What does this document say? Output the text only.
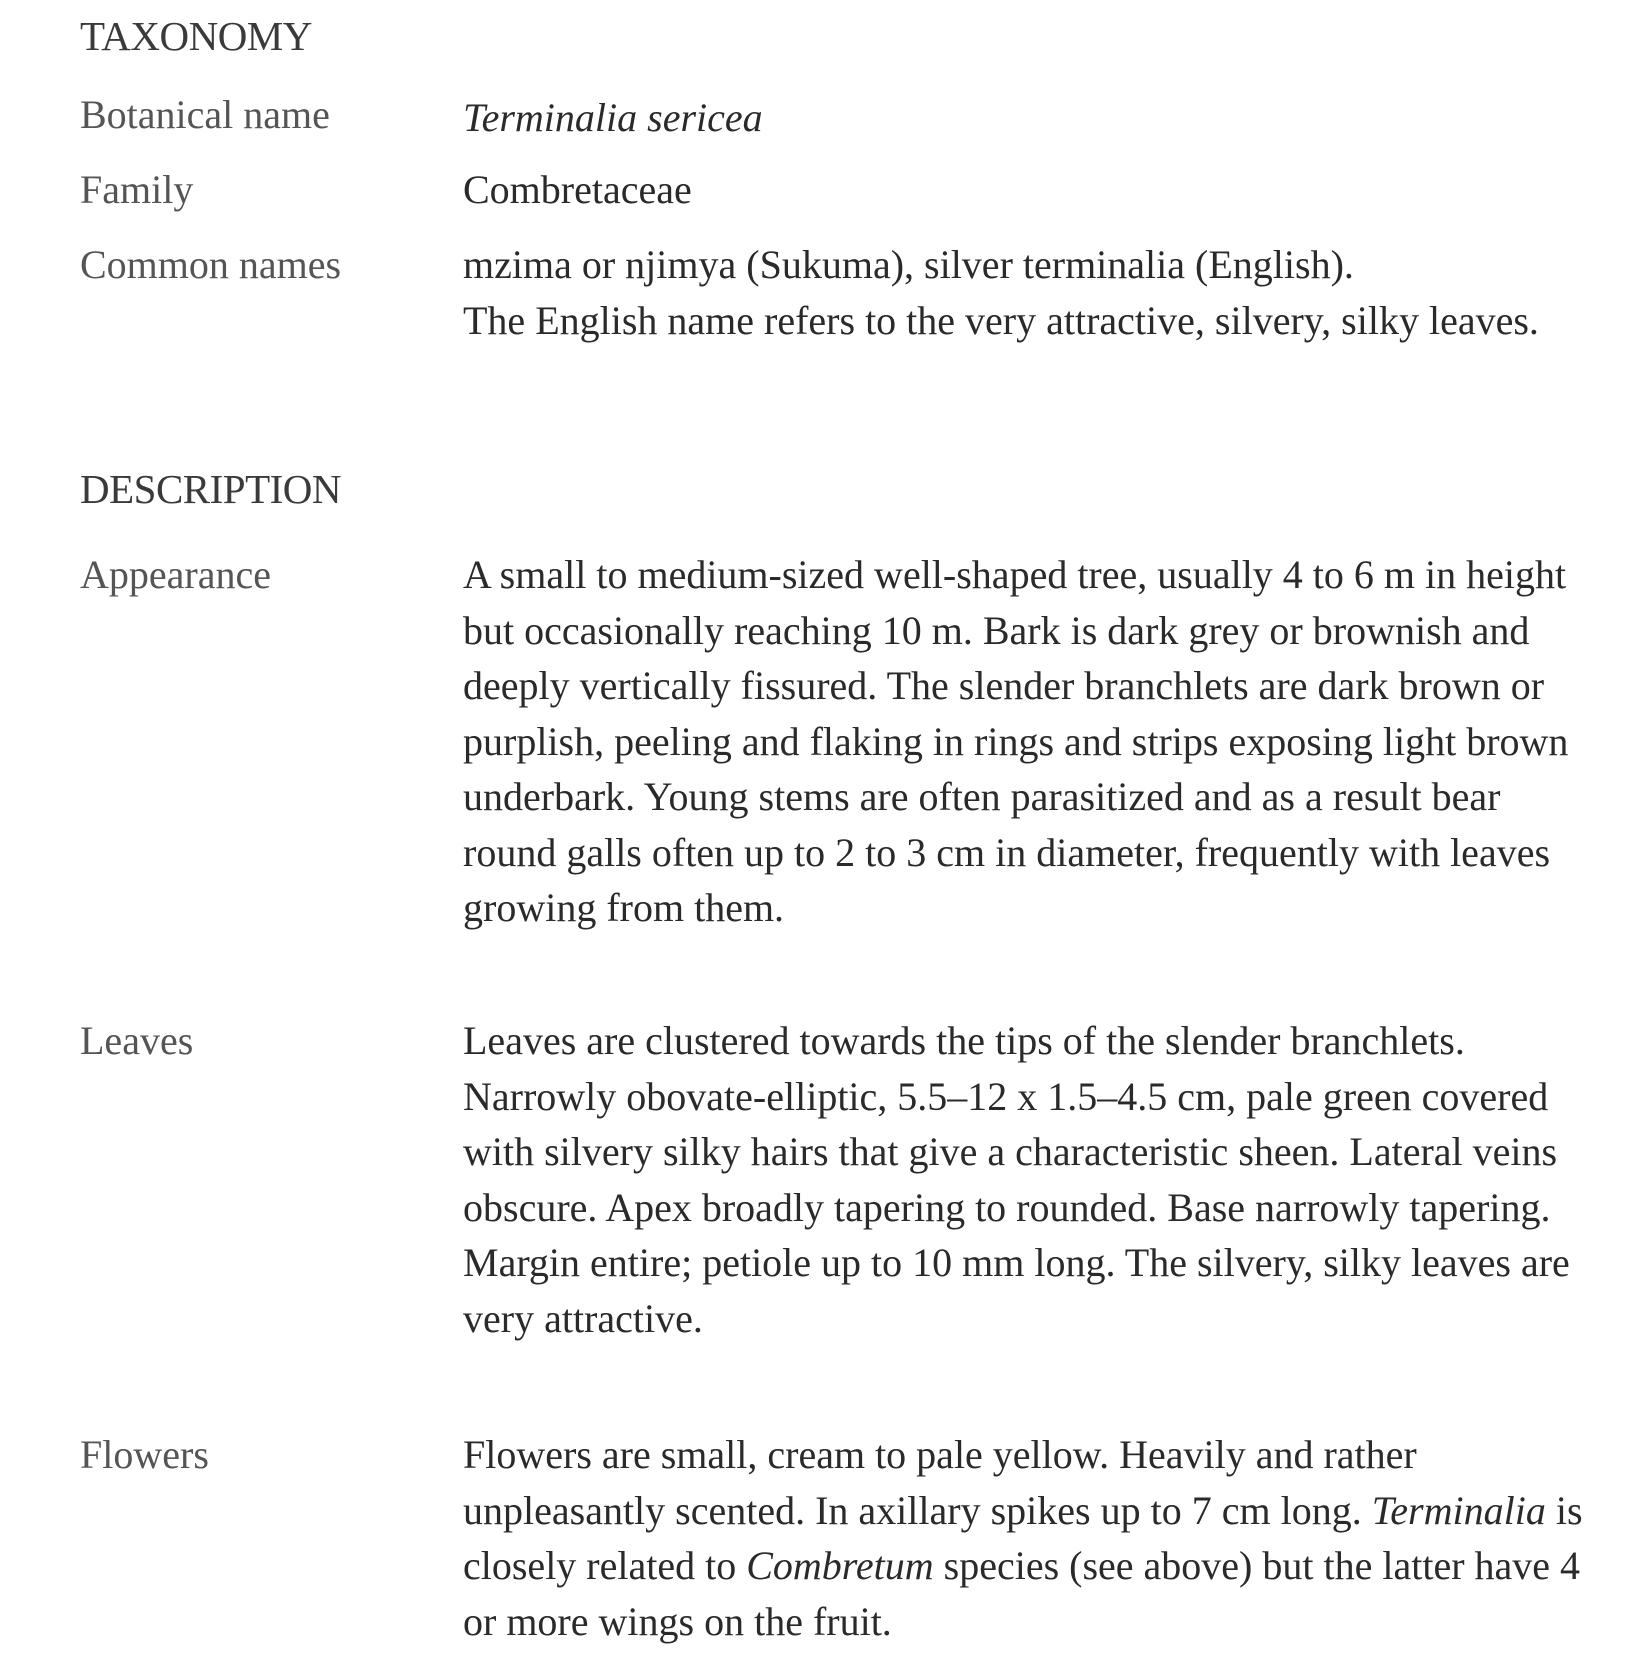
TAXONOMY
Botanical name	Terminalia sericea
Family	Combretaceae
Common names	mzima or njimya (Sukuma), silver terminalia (English).

The English name refers to the very attractive, silvery, silky leaves.

DESCRIPTION
Appearance	A small to medium-sized well-shaped tree, usually 4 to 6 m in height but occasionally reaching 10 m. Bark is dark grey or brownish and deeply vertically fissured. The slender branchlets are dark brown or purplish, peeling and flaking in rings and strips exposing light brown underbark. Young stems are often parasitized and as a result bear round galls often up to 2 to 3 cm in diameter, frequently with leaves growing from them.
Leaves	Leaves are clustered towards the tips of the slender branchlets. Narrowly obovate-elliptic, 5.5–12 x 1.5–4.5 cm, pale green covered with silvery silky hairs that give a characteristic sheen. Lateral veins obscure. Apex broadly tapering to rounded. Base narrowly tapering. Margin entire; petiole up to 10 mm long. The silvery, silky leaves are very attractive.
Flowers	Flowers are small, cream to pale yellow. Heavily and rather unpleasantly scented. In axillary spikes up to 7 cm long. Terminalia is closely related to Combretum species (see above) but the latter have 4 or more wings on the fruit.
